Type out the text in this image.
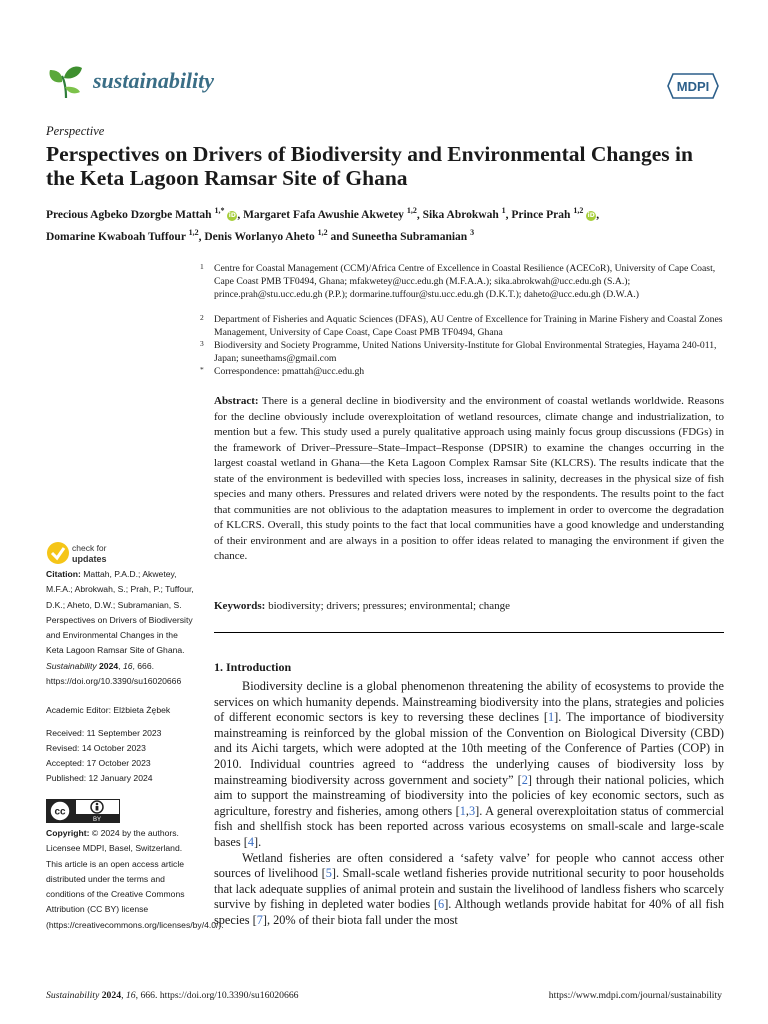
sustainability	MDPI
Perspective
Perspectives on Drivers of Biodiversity and Environmental Changes in the Keta Lagoon Ramsar Site of Ghana
Precious Agbeko Dzorgbe Mattah $^{1,*}$ iD, Margaret Fafa Awushie Akwetey $^{1,2}$, Sika Abrokwah $^1$, Prince Prah $^{1,2}$ iD,
Domarine Kwaboah Tuffour $^{1,2}$, Denis Worlanyo Aheto $^{1,2}$ and Suneetha Subramanian $^3$
1 Centre for Coastal Management (CCM)/Africa Centre of Excellence in Coastal Resilience (ACECoR), University of Cape Coast, Cape Coast PMB TF0494, Ghana; mfakwetey@ucc.edu.gh (M.F.A.A.); sika.abrokwah@ucc.edu.gh (S.A.); prince.prah@stu.ucc.edu.gh (P.P.); dormarine.tuffour@stu.ucc.edu.gh (D.K.T.); daheto@ucc.edu.gh (D.W.A.)
2 Department of Fisheries and Aquatic Sciences (DFAS), AU Centre of Excellence for Training in Marine Fishery and Coastal Zones Management, University of Cape Coast, Cape Coast PMB TF0494, Ghana
3 Biodiversity and Society Programme, United Nations University-Institute for Global Environmental Strategies, Hayama 240-011, Japan; suneethams@gmail.com
* Correspondence: pmattah@ucc.edu.gh
Abstract: There is a general decline in biodiversity and the environment of coastal wetlands worldwide. Reasons for the decline obviously include overexploitation of wetland resources, climate change and industrialization, to mention but a few. This study used a purely qualitative approach using mainly focus group discussions (FDGs) in the framework of Driver–Pressure–State–Impact–Response (DPSIR) to examine the changes occurring in the largest coastal wetland in Ghana—the Keta Lagoon Complex Ramsar Site (KLCRS). The results indicate that the state of the environment is bedevilled with species loss, increases in salinity, decreases in the physical size of fish species and many others. Pressures and related drivers were noted by the respondents. The results point to the fact that communities are not oblivious to the adaptation measures to implement in order to overcome the degradation of KLCRS. Overall, this study points to the fact that local communities have a good knowledge and understanding of their environment and are always in a position to offer ideas related to managing the environment if given the chance.
Keywords: biodiversity; drivers; pressures; environmental; change
1. Introduction

Biodiversity decline is a global phenomenon threatening the ability of ecosystems to provide the services on which humanity depends. Mainstreaming biodiversity into the plans, strategies and policies of different economic sectors is key to reversing these declines [1]. The importance of biodiversity mainstreaming is reinforced by the global mission of the Convention on Biological Diversity (CBD) and its Aichi targets, which were adopted at the 10th meeting of the Conference of Parties (COP) in 2010. Individual countries agreed to “address the underlying causes of biodiversity loss by mainstreaming biodiversity across government and society” [2] through their national policies, which aim to support the mainstreaming of biodiversity into the policies of key economic sectors, such as agriculture, forestry and fisheries, among others [1,3]. A general overexploitation status of commercial fish and shellfish stock has been reported across various ecosystems on small-scale and large-scale bases [4].

Wetland fisheries are often considered a ‘safety valve’ for people who cannot access other sources of livelihood [5]. Small-scale wetland fisheries provide nutritional security to poor households that lack adequate supplies of animal protein and sustain the livelihood of landless fishers who scarcely survive by fishing in depleted water bodies [6]. Although wetlands provide habitat for 40% of all fish species [7], 20% of their biota fall under the most

check for
updates
Citation: Mattah, P.A.D.; Akwetey, M.F.A.; Abrokwah, S.; Prah, P.; Tuffour, D.K.; Aheto, D.W.; Subramanian, S. Perspectives on Drivers of Biodiversity and Environmental Changes in the Keta Lagoon Ramsar Site of Ghana. Sustainability 2024, 16, 666. https://doi.org/10.3390/su16020666
Academic Editor: Elżbieta Żębek
Received: 11 September 2023
Revised: 14 October 2023
Accepted: 17 October 2023
Published: 12 January 2024
cc
BY
Copyright: © 2024 by the authors. Licensee MDPI, Basel, Switzerland. This article is an open access article distributed under the terms and conditions of the Creative Commons Attribution (CC BY) license (https://creativecommons.org/licenses/by/4.0/).
Sustainability 2024, 16, 666. https://doi.org/10.3390/su16020666	https://www.mdpi.com/journal/sustainability
